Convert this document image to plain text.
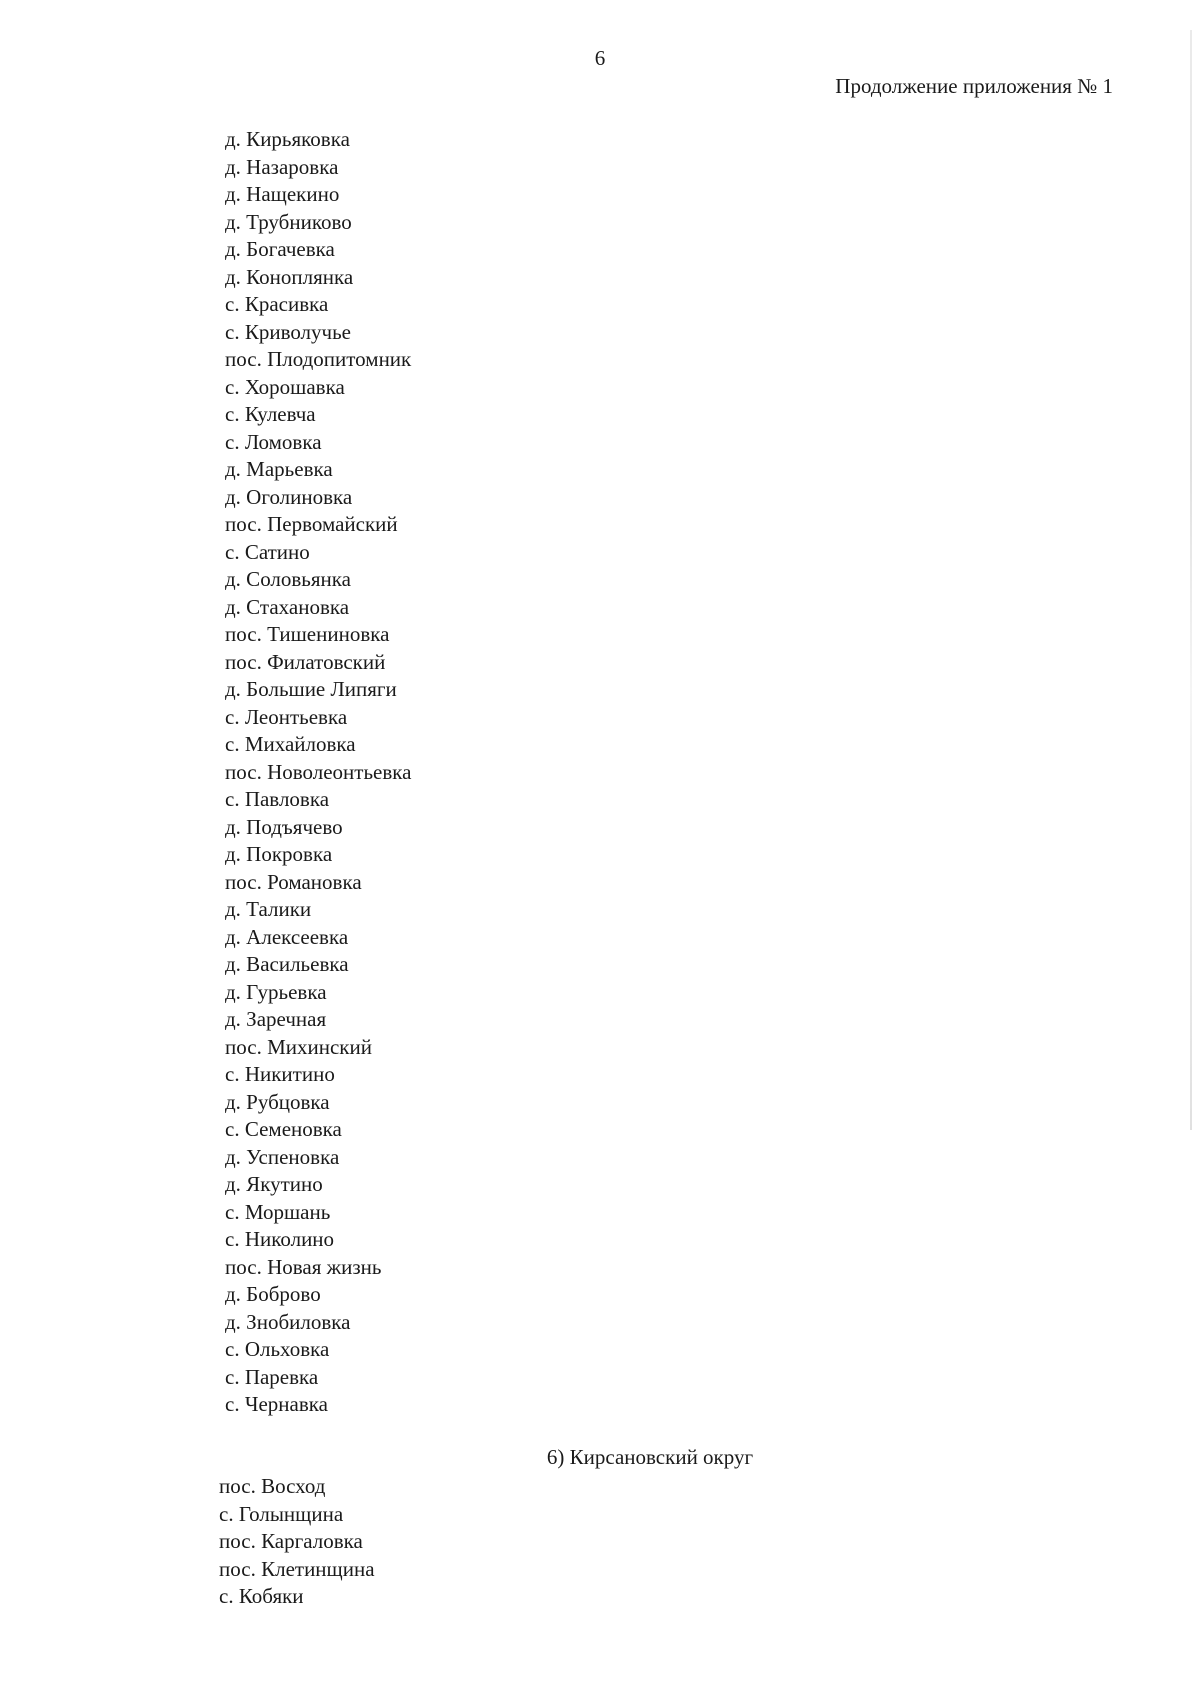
6
Продолжение приложения № 1
д. Кирьяковка
д. Назаровка
д. Нащекино
д. Трубниково
д. Богачевка
д. Коноплянка
с. Красивка
с. Криволучье
пос. Плодопитомник
с. Хорошавка
с. Кулевча
с. Ломовка
д. Марьевка
д. Оголиновка
пос. Первомайский
с. Сатино
д. Соловьянка
д. Стахановка
пос. Тишениновка
пос. Филатовский
д. Большие Липяги
с. Леонтьевка
с. Михайловка
пос. Новолеонтьевка
с. Павловка
д. Подъячево
д. Покровка
пос. Романовка
д. Талики
д. Алексеевка
д. Васильевка
д. Гурьевка
д. Заречная
пос. Михинский
с. Никитино
д. Рубцовка
с. Семеновка
д. Успеновка
д. Якутино
с. Моршань
с. Николино
пос. Новая жизнь
д. Боброво
д. Знобиловка
с. Ольховка
с. Паревка
с. Чернавка
6) Кирсановский округ
пос. Восход
с. Голынщина
пос. Каргаловка
пос. Клетинщина
с. Кобяки
